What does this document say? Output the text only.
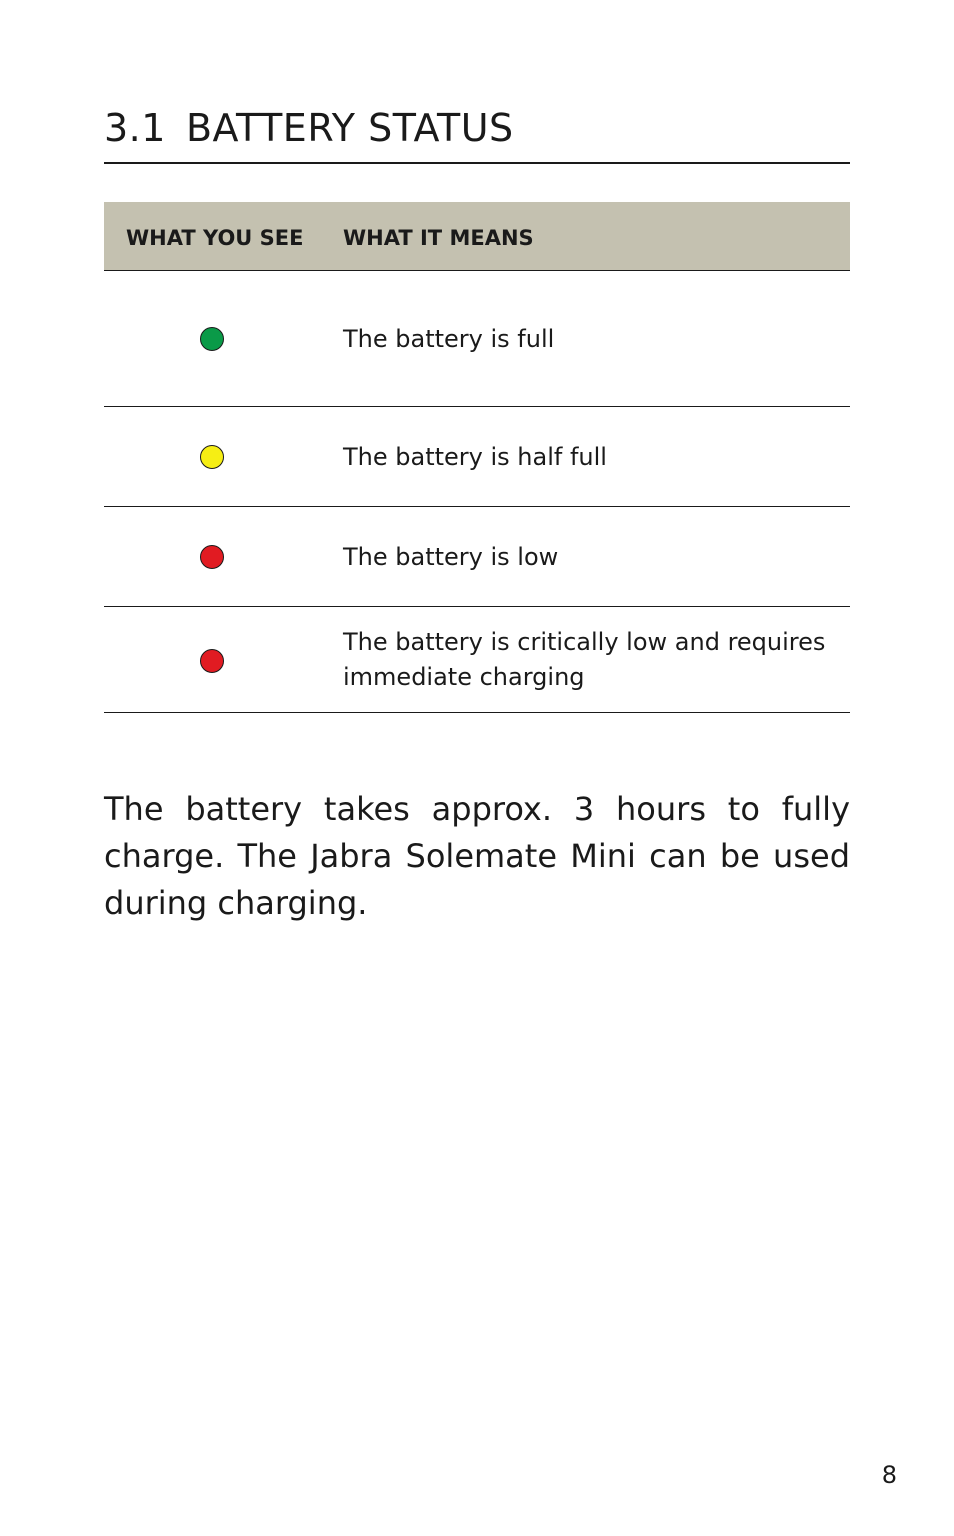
3.1 BATTERY STATUS
WHAT YOU SEE WHAT IT MEANS
The battery is full
The battery is half full
The battery is low
The battery is critically low and requires immediate charging

The battery takes approx. 3 hours to fully charge. The Jabra Solemate Mini can be used during charging.

8
